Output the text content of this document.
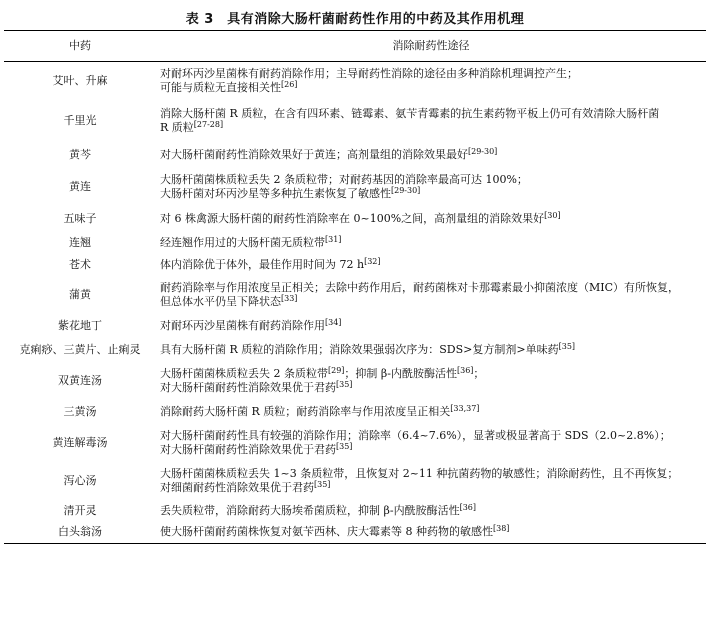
表 3　具有消除大肠杆菌耐药性作用的中药及其作用机理
中药	消除耐药性途径
艾叶、升麻	对耐环丙沙星菌株有耐药消除作用；主导耐药性消除的途径由多种消除机理调控产生；
可能与质粒无直接相关性[26]

千里光	消除大肠杆菌 R 质粒，在含有四环素、链霉素、氨苄青霉素的抗生素药物平板上仍可有效清除大肠杆菌
R 质粒[27-28]

黄芩	对大肠杆菌耐药性消除效果好于黄连；高剂量组的消除效果最好[29-30]

黄连	大肠杆菌菌株质粒丢失 2 条质粒带；对耐药基因的消除率最高可达 100%；
大肠杆菌对环丙沙星等多种抗生素恢复了敏感性[29-30]

五味子	对 6 株禽源大肠杆菌的耐药性消除率在 0~100%之间，高剂量组的消除效果好[30]

连翘	经连翘作用过的大肠杆菌无质粒带[31]

苍术	体内消除优于体外，最佳作用时间为 72 h[32]

蒲黄	耐药消除率与作用浓度呈正相关；去除中药作用后，耐药菌株对卡那霉素最小抑菌浓度（MIC）有所恢复，
但总体水平仍呈下降状态[33]

紫花地丁	对耐环丙沙星菌株有耐药消除作用[34]

克痢痧、三黄片、止痢灵	具有大肠杆菌 R 质粒的消除作用；消除效果强弱次序为：SDS>复方制剂>单味药[35]

双黄连汤	大肠杆菌菌株质粒丢失 2 条质粒带[29]；抑制 β-内酰胺酶活性[36]；
对大肠杆菌耐药性消除效果优于君药[35]

三黄汤	消除耐药大肠杆菌 R 质粒；耐药消除率与作用浓度呈正相关[33,37]

黄连解毒汤	对大肠杆菌耐药性具有较强的消除作用；消除率（6.4~7.6%），显著或极显著高于 SDS（2.0~2.8%）；
对大肠杆菌耐药性消除效果优于君药[35]

泻心汤	大肠杆菌菌株质粒丢失 1~3 条质粒带，且恢复对 2~11 种抗菌药物的敏感性；消除耐药性，且不再恢复；
对细菌耐药性消除效果优于君药[35]

清开灵	丢失质粒带，消除耐药大肠埃希菌质粒，抑制 β-内酰胺酶活性[36]

白头翁汤	使大肠杆菌耐药菌株恢复对氨苄西林、庆大霉素等 8 种药物的敏感性[38]
